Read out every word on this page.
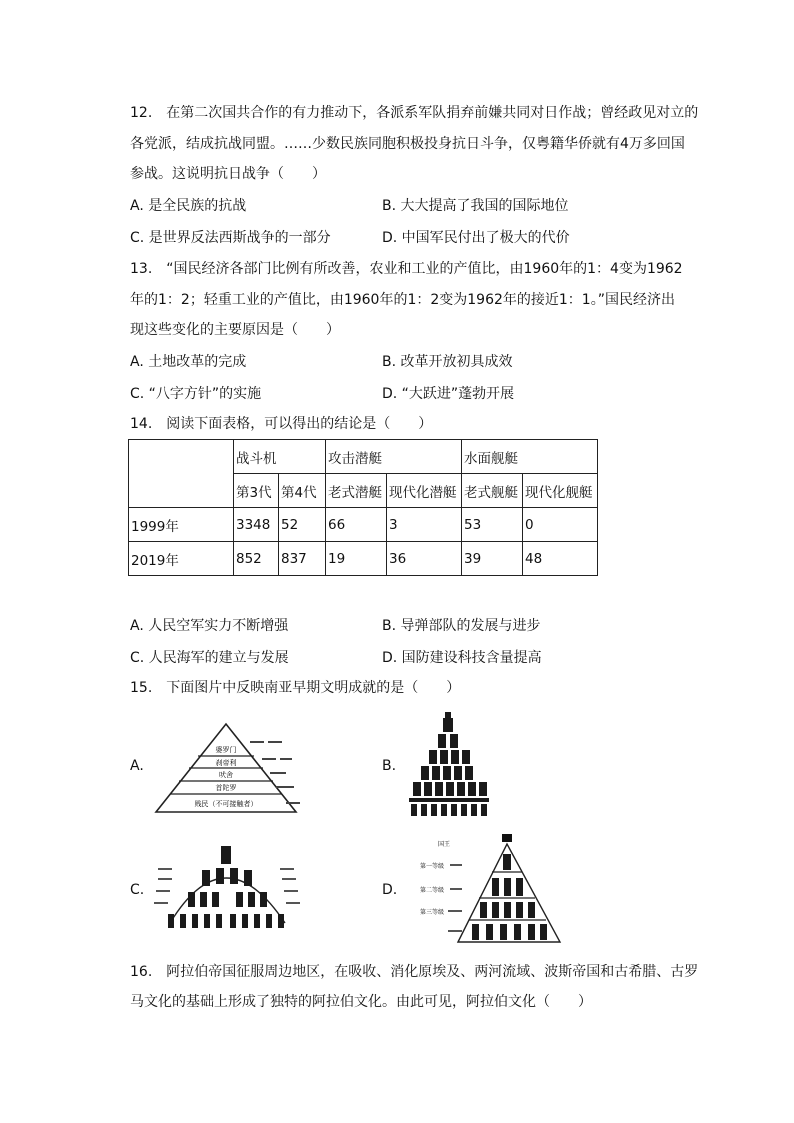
12.　在第二次国共合作的有力推动下，各派系军队捐弃前嫌共同对日作战；曾经政见对立的
各党派，结成抗战同盟。……少数民族同胞积极投身抗日斗争，仅粤籍华侨就有4万多回国
参战。这说明抗日战争（　　）
A. 是全民族的抗战	B. 大大提高了我国的国际地位
C. 是世界反法西斯战争的一部分	D. 中国军民付出了极大的代价
13.　“国民经济各部门比例有所改善，农业和工业的产值比，由1960年的1：4变为1962
年的1：2；轻重工业的产值比，由1960年的1：2变为1962年的接近1：1。”国民经济出
现这些变化的主要原因是（　　）
A. 土地改革的完成	B. 改革开放初具成效
C. “八字方针”的实施	D. “大跃进”蓬勃开展
14.　阅读下面表格，可以得出的结论是（　　）
	战斗机		攻击潜艇		水面舰艇	
	第3代	第4代	老式潜艇	现代化潜艇	老式舰艇	现代化舰艇
1999年	3348	52	66	3	53	0
2019年	852	837	19	36	39	48
A. 人民空军实力不断增强	B. 导弹部队的发展与进步
C. 人民海军的建立与发展	D. 国防建设科技含量提高
15.　下面图片中反映南亚早期文明成就的是（　　）
A.	B.
C.	D.
婆罗门
刹帝利
吠舍
首陀罗
贱民（不可接触者）
国王
第一等级
第二等级
第三等级
16.　阿拉伯帝国征服周边地区，在吸收、消化原埃及、两河流域、波斯帝国和古希腊、古罗
马文化的基础上形成了独特的阿拉伯文化。由此可见，阿拉伯文化（　　）
